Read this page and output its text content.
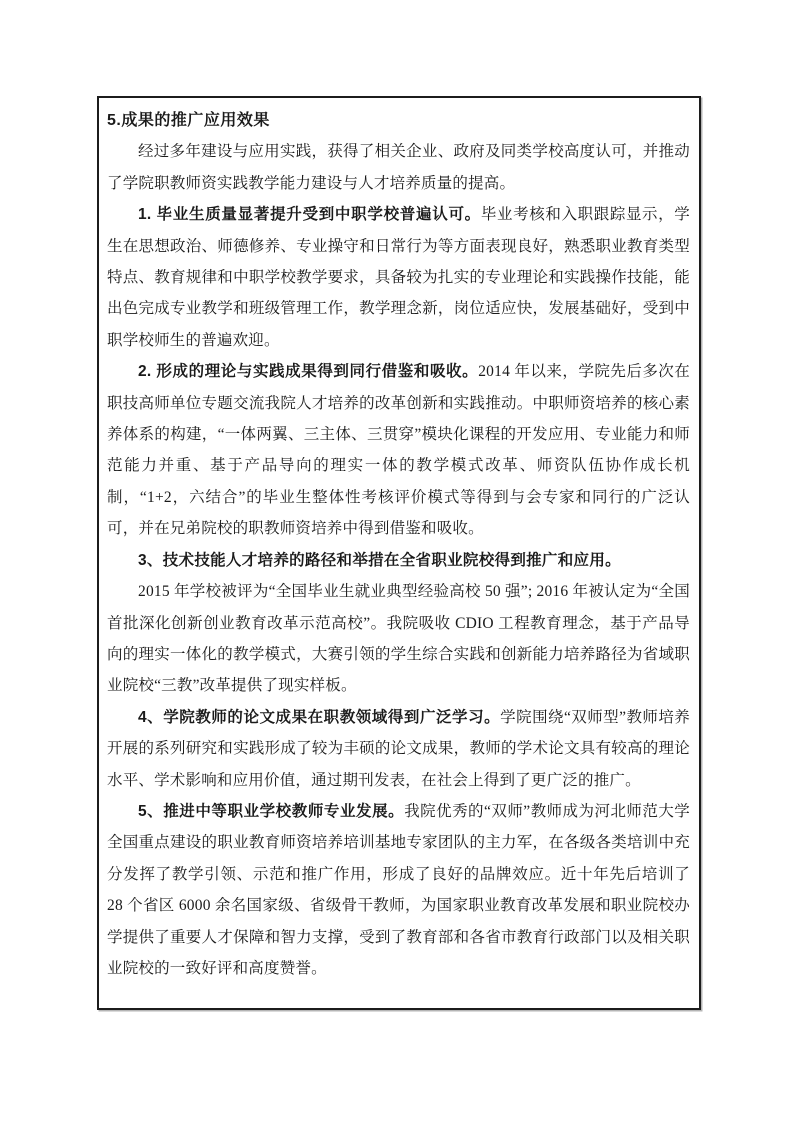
5.成果的推广应用效果

经过多年建设与应用实践，获得了相关企业、政府及同类学校高度认可，并推动了学院职教师资实践教学能力建设与人才培养质量的提高。

1. 毕业生质量显著提升受到中职学校普遍认可。毕业考核和入职跟踪显示，学生在思想政治、师德修养、专业操守和日常行为等方面表现良好，熟悉职业教育类型特点、教育规律和中职学校教学要求，具备较为扎实的专业理论和实践操作技能，能出色完成专业教学和班级管理工作，教学理念新，岗位适应快，发展基础好，受到中职学校师生的普遍欢迎。

2. 形成的理论与实践成果得到同行借鉴和吸收。2014 年以来，学院先后多次在职技高师单位专题交流我院人才培养的改革创新和实践推动。中职师资培养的核心素养体系的构建，“一体两翼、三主体、三贯穿”模块化课程的开发应用、专业能力和师范能力并重、基于产品导向的理实一体的教学模式改革、师资队伍协作成长机制，“1+2，六结合”的毕业生整体性考核评价模式等得到与会专家和同行的广泛认可，并在兄弟院校的职教师资培养中得到借鉴和吸收。

3、技术技能人才培养的路径和举措在全省职业院校得到推广和应用。

2015 年学校被评为“全国毕业生就业典型经验高校 50 强”; 2016 年被认定为“全国首批深化创新创业教育改革示范高校”。我院吸收 CDIO 工程教育理念，基于产品导向的理实一体化的教学模式，大赛引领的学生综合实践和创新能力培养路径为省域职业院校“三教”改革提供了现实样板。

4、学院教师的论文成果在职教领域得到广泛学习。学院围绕“双师型”教师培养开展的系列研究和实践形成了较为丰硕的论文成果，教师的学术论文具有较高的理论水平、学术影响和应用价值，通过期刊发表，在社会上得到了更广泛的推广。

5、推进中等职业学校教师专业发展。我院优秀的“双师”教师成为河北师范大学全国重点建设的职业教育师资培养培训基地专家团队的主力军，在各级各类培训中充分发挥了教学引领、示范和推广作用，形成了良好的品牌效应。近十年先后培训了 28 个省区 6000 余名国家级、省级骨干教师，为国家职业教育改革发展和职业院校办学提供了重要人才保障和智力支撑，受到了教育部和各省市教育行政部门以及相关职业院校的一致好评和高度赞誉。
